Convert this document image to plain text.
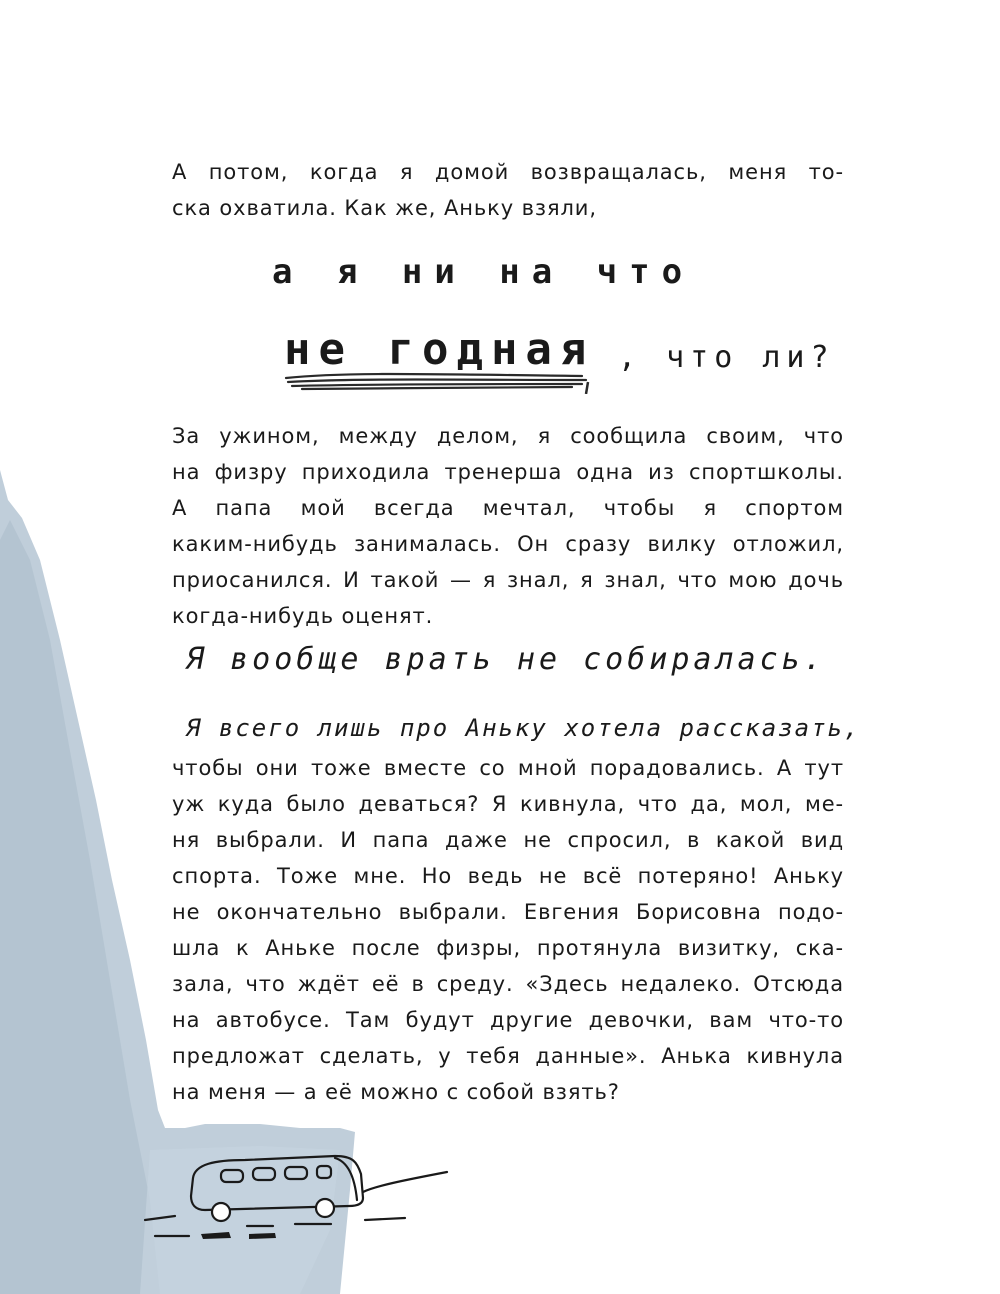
А потом, когда я домой возвращалась, меня то-
ска охватила. Как же, Аньку взяли,
а я ни на что
не годная , что ли?
За ужином, между делом, я сообщила своим, что
на физру приходила тренерша одна из спортшколы.
А папа мой всегда мечтал, чтобы я спортом
каким-нибудь занималась. Он сразу вилку отложил,
приосанился. И такой — я знал, я знал, что мою дочь
когда-нибудь оценят.
Я вообще врать не собиралась.
Я всего лишь про Аньку хотела рассказать,
чтобы они тоже вместе со мной порадовались. А тут
уж куда было деваться? Я кивнула, что да, мол, ме-
ня выбрали. И папа даже не спросил, в какой вид
спорта. Тоже мне. Но ведь не всё потеряно! Аньку
не окончательно выбрали. Евгения Борисовна подо-
шла к Аньке после физры, протянула визитку, ска-
зала, что ждёт её в среду. «Здесь недалеко. Отсюда
на автобусе. Там будут другие девочки, вам что-то
предложат сделать, у тебя данные». Анька кивнула
на меня — а её можно с собой взять?
